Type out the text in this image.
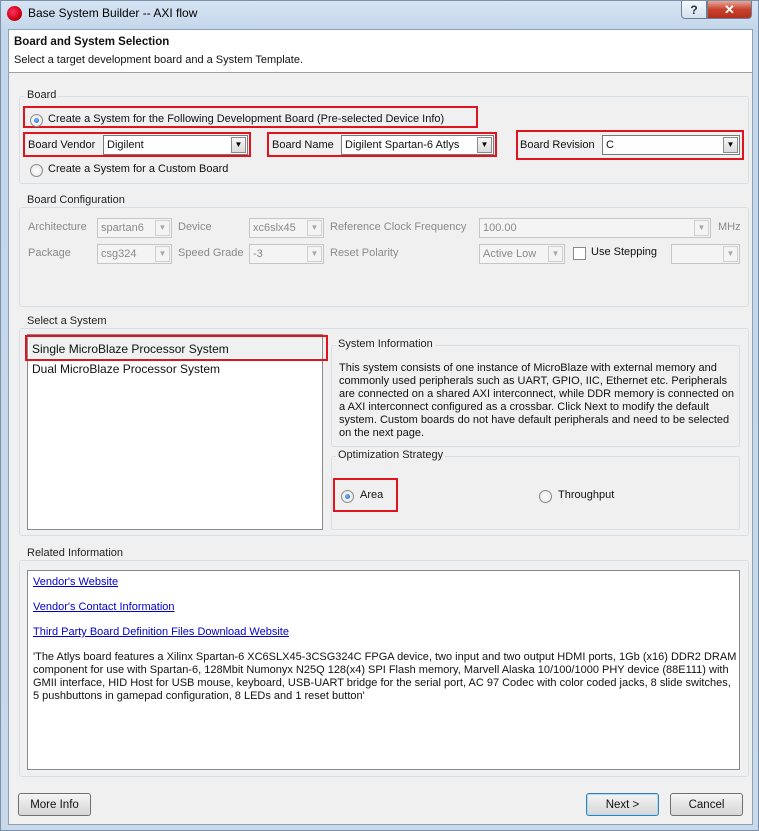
Base System Builder -- AXI flow	?	✕
Board and System Selection
Select a target development board and a System Template.
Board
Create a System for the Following Development Board (Pre-selected Device Info)
Board Vendor	Digilent	▼	Board Name	Digilent Spartan-6 Atlys	▼	Board Revision	C	▼
Create a System for a Custom Board
Board Configuration
Architecture	spartan6	▼	Device	xc6slx45	▼	Reference Clock Frequency	100.00	▼	MHz
Package	csg324	▼	Speed Grade -3	▼	Reset Polarity	Active Low	▼	Use Stepping	▼
Select a System
Single MicroBlaze Processor System
Dual MicroBlaze Processor System
System Information
This system consists of one instance of MicroBlaze with external memory and commonly used peripherals such as UART, GPIO, IIC, Ethernet etc. Peripherals are connected on a shared AXI interconnect, while DDR memory is connected on a AXI interconnect configured as a crossbar. Click Next to modify the default system. Custom boards do not have default peripherals and need to be selected on the next page.
Optimization Strategy
Area	Throughput
Related Information
Vendor's Website
Vendor's Contact Information
Third Party Board Definition Files Download Website
'The Atlys board features a Xilinx Spartan-6 XC6SLX45-3CSG324C FPGA device, two input and two output HDMI ports, 1Gb (x16) DDR2 DRAM component for use with Spartan-6, 128Mbit Numonyx N25Q 128(x4) SPI Flash memory, Marvell Alaska 10/100/1000 PHY device (88E111) with GMII interface, HID Host for USB mouse, keyboard, USB-UART bridge for the serial port, AC 97 Codec with color coded jacks, 8 slide switches, 5 pushbuttons in gamepad configuration, 8 LEDs and 1 reset button'
More Info	Next >	Cancel
